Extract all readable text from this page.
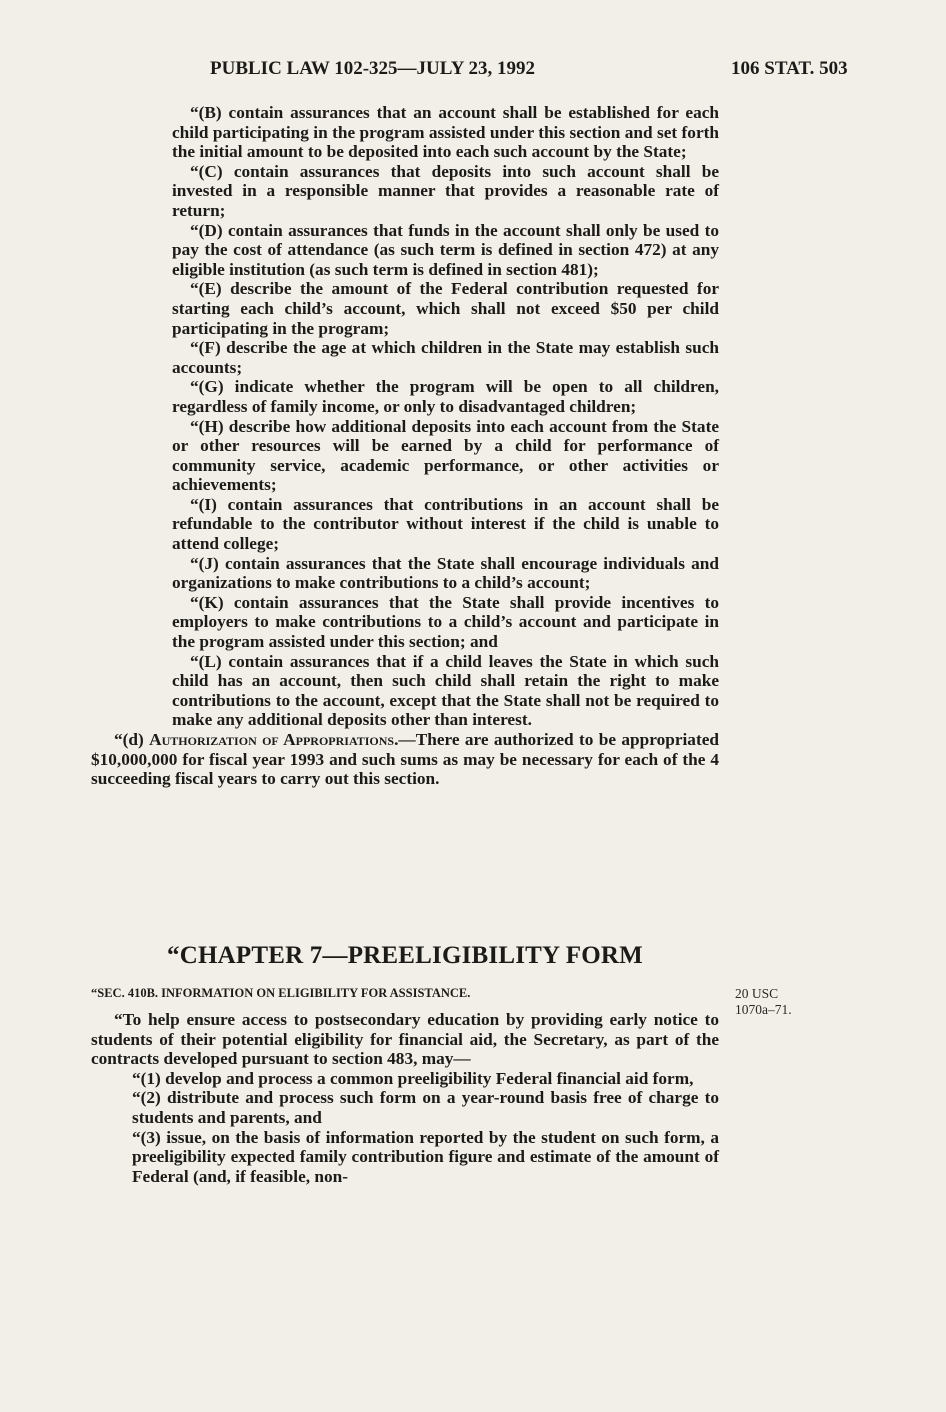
PUBLIC LAW 102-325—JULY 23, 1992	106 STAT. 503

“(B) contain assurances that an account shall be established for each child participating in the program assisted under this section and set forth the initial amount to be deposited into each such account by the State;

“(C) contain assurances that deposits into such account shall be invested in a responsible manner that provides a reasonable rate of return;

“(D) contain assurances that funds in the account shall only be used to pay the cost of attendance (as such term is defined in section 472) at any eligible institution (as such term is defined in section 481);

“(E) describe the amount of the Federal contribution requested for starting each child’s account, which shall not exceed $50 per child participating in the program;

“(F) describe the age at which children in the State may establish such accounts;

“(G) indicate whether the program will be open to all children, regardless of family income, or only to disadvantaged children;

“(H) describe how additional deposits into each account from the State or other resources will be earned by a child for performance of community service, academic performance, or other activities or achievements;

“(I) contain assurances that contributions in an account shall be refundable to the contributor without interest if the child is unable to attend college;

“(J) contain assurances that the State shall encourage individuals and organizations to make contributions to a child’s account;

“(K) contain assurances that the State shall provide incentives to employers to make contributions to a child’s account and participate in the program assisted under this section; and

“(L) contain assurances that if a child leaves the State in which such child has an account, then such child shall retain the right to make contributions to the account, except that the State shall not be required to make any additional deposits other than interest.

“(d) Authorization of Appropriations.—There are authorized to be appropriated $10,000,000 for fiscal year 1993 and such sums as may be necessary for each of the 4 succeeding fiscal years to carry out this section.

“CHAPTER 7—PREELIGIBILITY FORM
“SEC. 410B. INFORMATION ON ELIGIBILITY FOR ASSISTANCE.	20 USC
1070a–71.

“To help ensure access to postsecondary education by providing early notice to students of their potential eligibility for financial aid, the Secretary, as part of the contracts developed pursuant to section 483, may—

“(1) develop and process a common preeligibility Federal financial aid form,

“(2) distribute and process such form on a year-round basis free of charge to students and parents, and

“(3) issue, on the basis of information reported by the student on such form, a preeligibility expected family contribution figure and estimate of the amount of Federal (and, if feasible, non-
